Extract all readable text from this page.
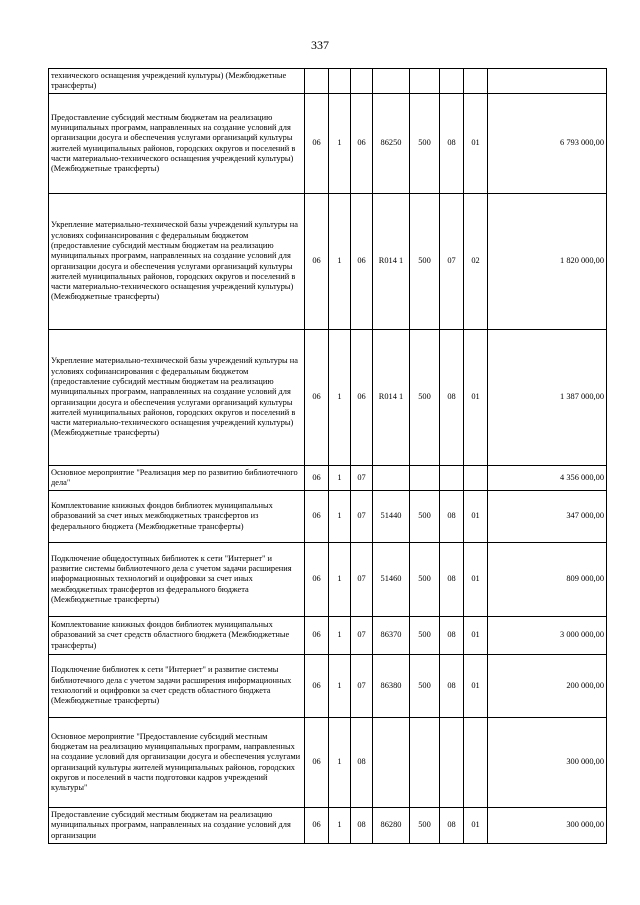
337
технического оснащения учреждений культуры) (Межбюджетные трансферты)								
Предоставление субсидий местным бюджетам на реализацию муниципальных программ, направленных на создание условий для организации досуга и обеспечения услугами организаций культуры жителей муниципальных районов, городских округов и поселений в части материально-технического оснащения учреждений культуры) (Межбюджетные трансферты)	06	1	06	86250	500	08	01	6 793 000,00
Укрепление материально-технической базы учреждений культуры на условиях софинансирования с федеральным бюджетом (предоставление субсидий местным бюджетам на реализацию муниципальных программ, направленных на создание условий для организации досуга и обеспечения услугами организаций культуры жителей муниципальных районов, городских округов и поселений в части материально-технического оснащения учреждений культуры) (Межбюджетные трансферты)	06	1	06	R014 1	500	07	02	1 820 000,00
Укрепление материально-технической базы учреждений культуры на условиях софинансирования с федеральным бюджетом (предоставление субсидий местным бюджетам на реализацию муниципальных программ, направленных на создание условий для организации досуга и обеспечения услугами организаций культуры жителей муниципальных районов, городских округов и поселений в части материально-технического оснащения учреждений культуры) (Межбюджетные трансферты)	06	1	06	R014 1	500	08	01	1 387 000,00
Основное мероприятие "Реализация мер по развитию библиотечного дела"	06	1	07					4 356 000,00
Комплектование книжных фондов библиотек муниципальных образований за счет иных межбюджетных трансфертов из федерального бюджета (Межбюджетные трансферты)	06	1	07	51440	500	08	01	347 000,00
Подключение общедоступных библиотек к сети "Интернет" и развитие системы библиотечного дела с учетом задачи расширения информационных технологий и оцифровки за счет иных межбюджетных трансфертов из федерального бюджета (Межбюджетные трансферты)	06	1	07	51460	500	08	01	809 000,00
Комплектование книжных фондов библиотек муниципальных образований за счет средств областного бюджета (Межбюджетные трансферты)	06	1	07	86370	500	08	01	3 000 000,00
Подключение библиотек к сети "Интернет" и развитие системы библиотечного дела с учетом задачи расширения информационных технологий и оцифровки за счет средств областного бюджета (Межбюджетные трансферты)	06	1	07	86380	500	08	01	200 000,00
Основное мероприятие "Предоставление субсидий местным бюджетам на реализацию муниципальных программ, направленных на создание условий для организации досуга и обеспечения услугами организаций культуры жителей муниципальных районов, городских округов и поселений в части подготовки кадров учреждений культуры"	06	1	08					300 000,00
Предоставление субсидий местным бюджетам на реализацию муниципальных программ, направленных на создание условий для организации	06	1	08	86280	500	08	01	300 000,00
